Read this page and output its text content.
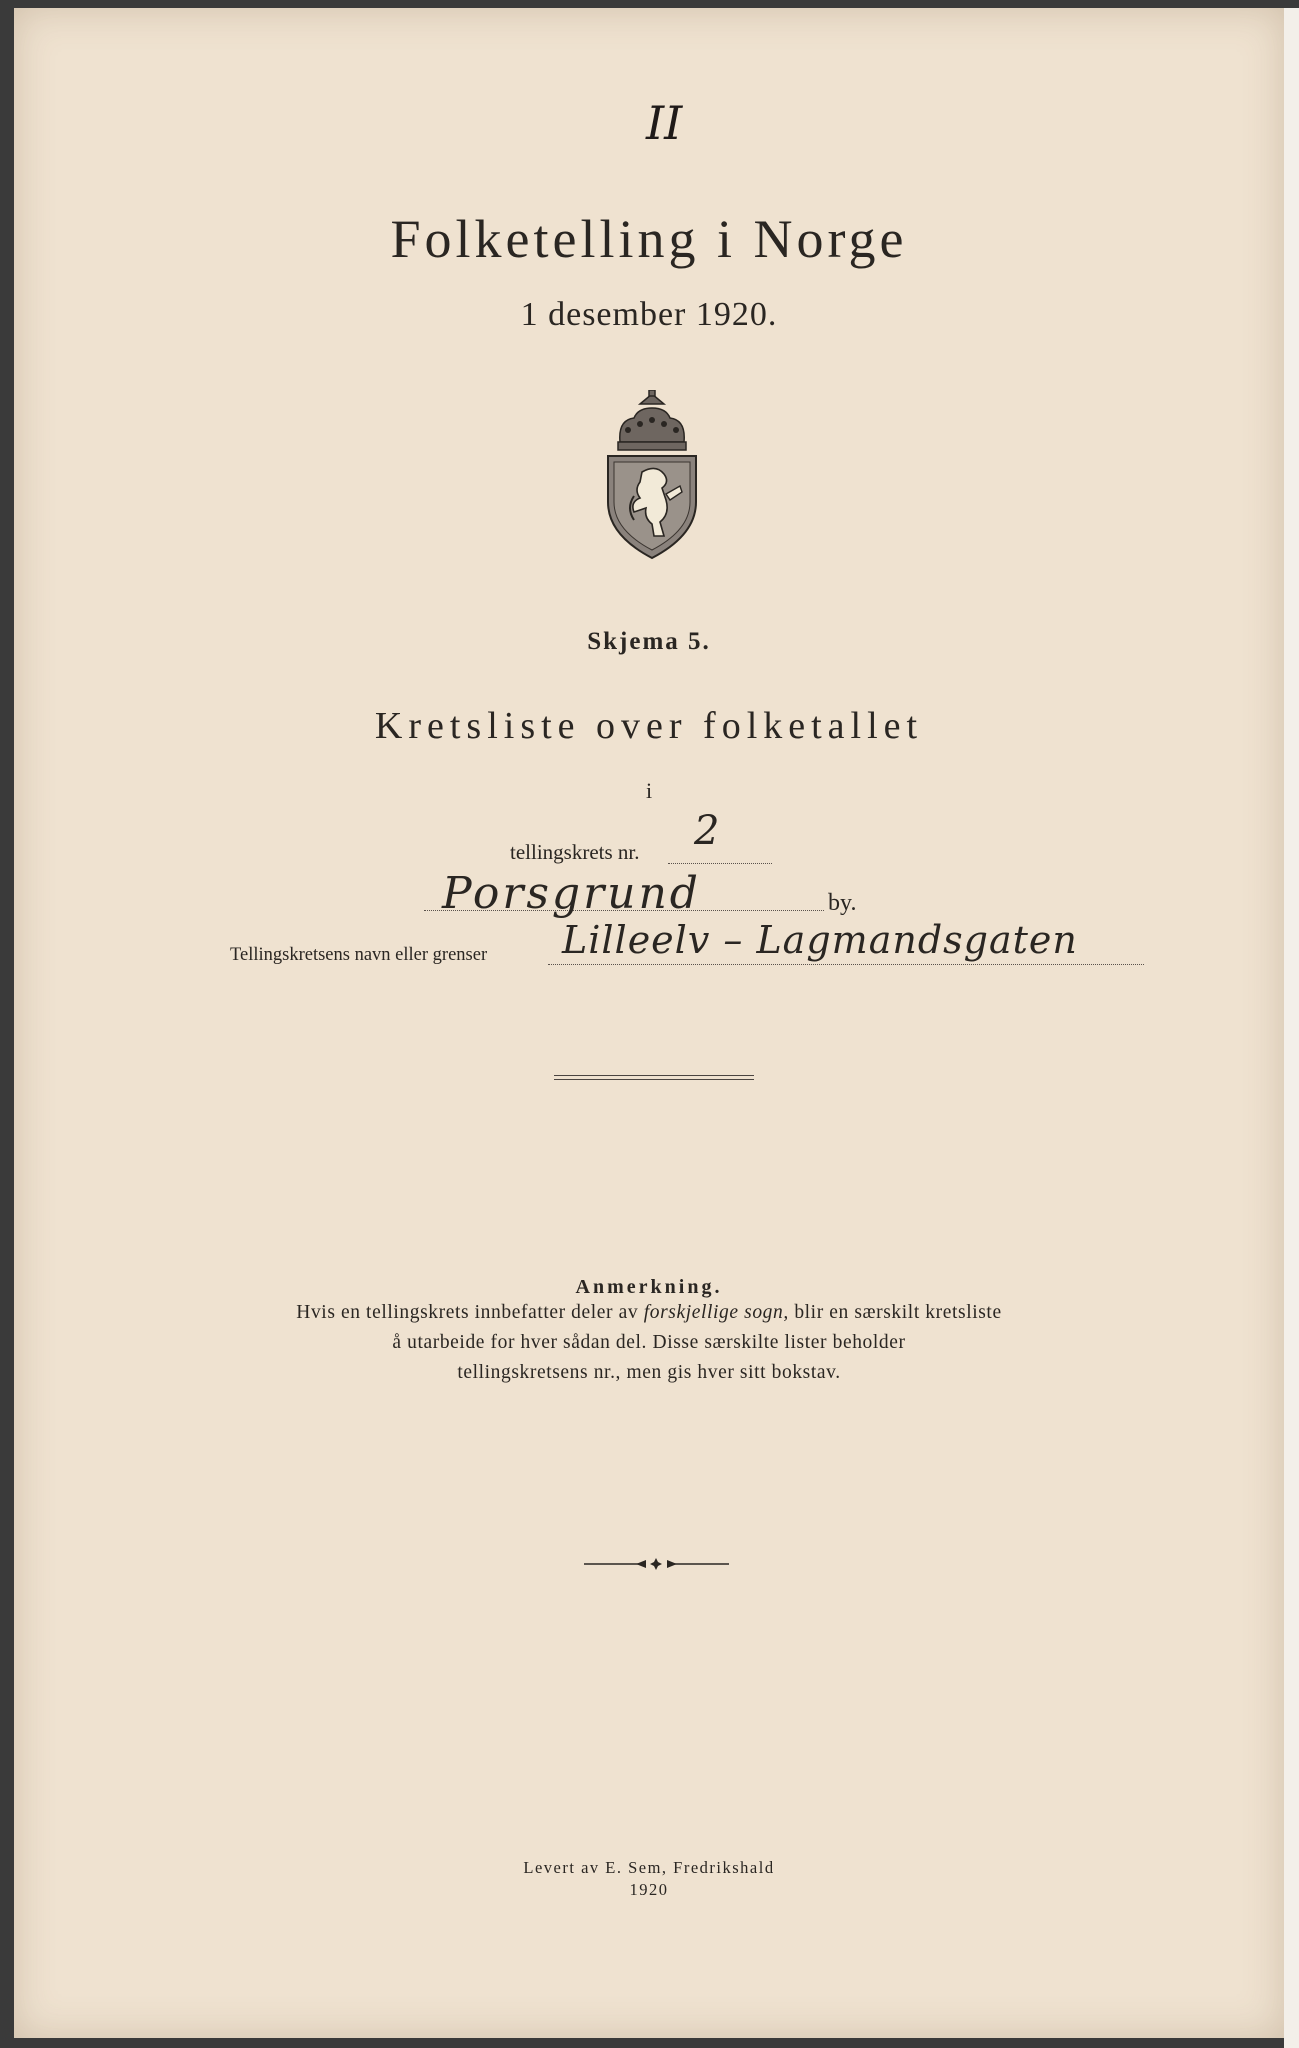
II
Folketelling i Norge
1 desember 1920.
Skjema 5.
Kretsliste over folketallet
i
tellingskrets nr. 2
Porsgrund	by.
Tellingskretsens navn eller grenser Lilleelv – Lagmandsgaten
Anmerkning.
Hvis en tellingskrets innbefatter deler av forskjellige sogn, blir en særskilt kretsliste
å utarbeide for hver sådan del. Disse særskilte lister beholder
tellingskretsens nr., men gis hver sitt bokstav.
Levert av E. Sem, Fredrikshald
1920
